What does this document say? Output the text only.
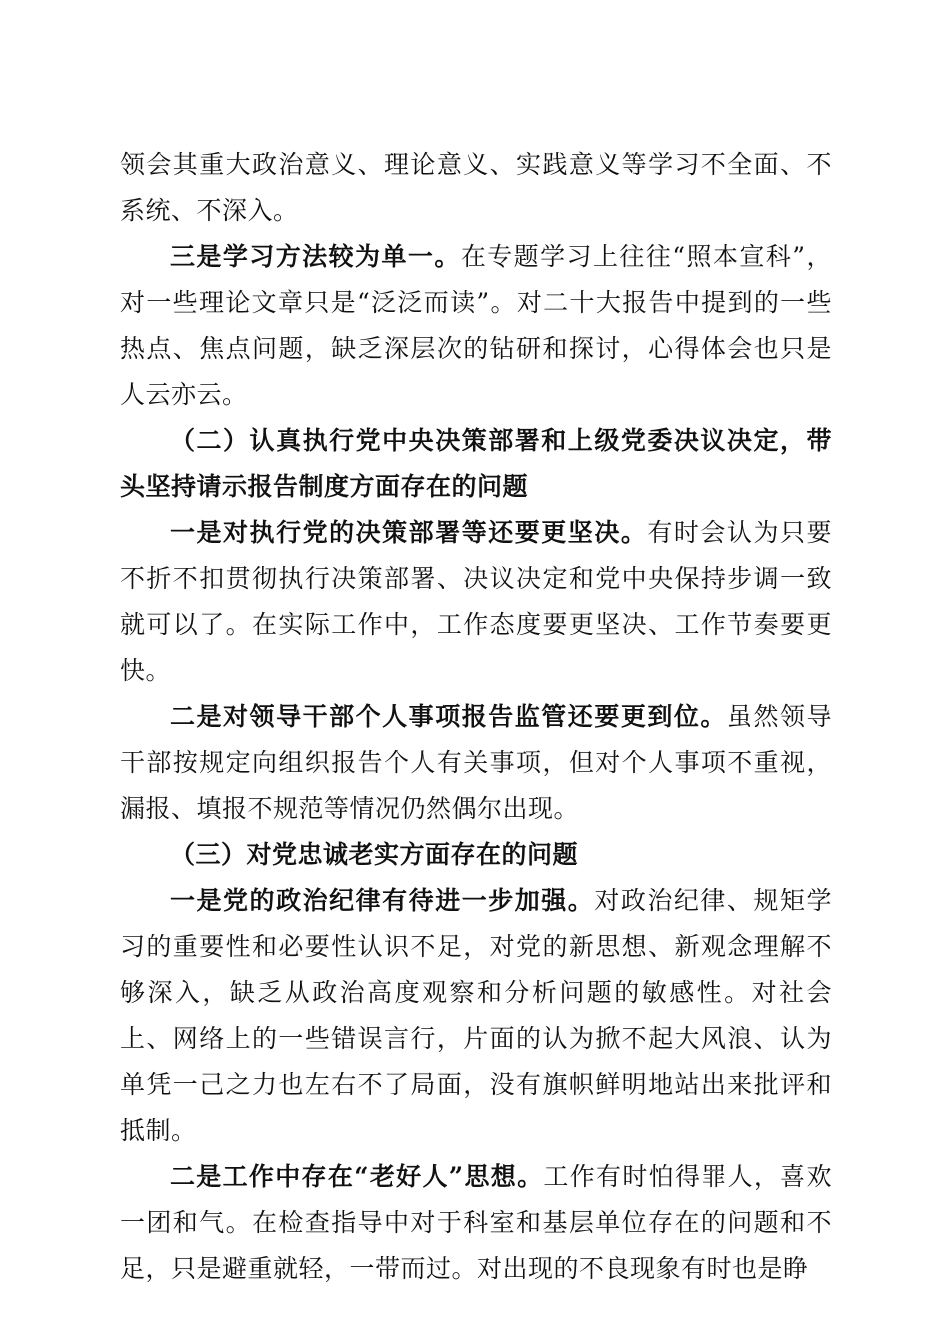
领会其重大政治意义、理论意义、实践意义等学习不全面、不系统、不深入。

三是学习方法较为单一。在专题学习上往往“照本宣科”，对一些理论文章只是“泛泛而读”。对二十大报告中提到的一些热点、焦点问题，缺乏深层次的钻研和探讨，心得体会也只是人云亦云。

（二）认真执行党中央决策部署和上级党委决议决定，带头坚持请示报告制度方面存在的问题

一是对执行党的决策部署等还要更坚决。有时会认为只要不折不扣贯彻执行决策部署、决议决定和党中央保持步调一致就可以了。在实际工作中，工作态度要更坚决、工作节奏要更快。

二是对领导干部个人事项报告监管还要更到位。虽然领导干部按规定向组织报告个人有关事项，但对个人事项不重视，漏报、填报不规范等情况仍然偶尔出现。

（三）对党忠诚老实方面存在的问题

一是党的政治纪律有待进一步加强。对政治纪律、规矩学习的重要性和必要性认识不足，对党的新思想、新观念理解不够深入，缺乏从政治高度观察和分析问题的敏感性。对社会上、网络上的一些错误言行，片面的认为掀不起大风浪、认为单凭一己之力也左右不了局面，没有旗帜鲜明地站出来批评和抵制。

二是工作中存在“老好人”思想。工作有时怕得罪人，喜欢一团和气。在检查指导中对于科室和基层单位存在的问题和不足，只是避重就轻，一带而过。对出现的不良现象有时也是睁
